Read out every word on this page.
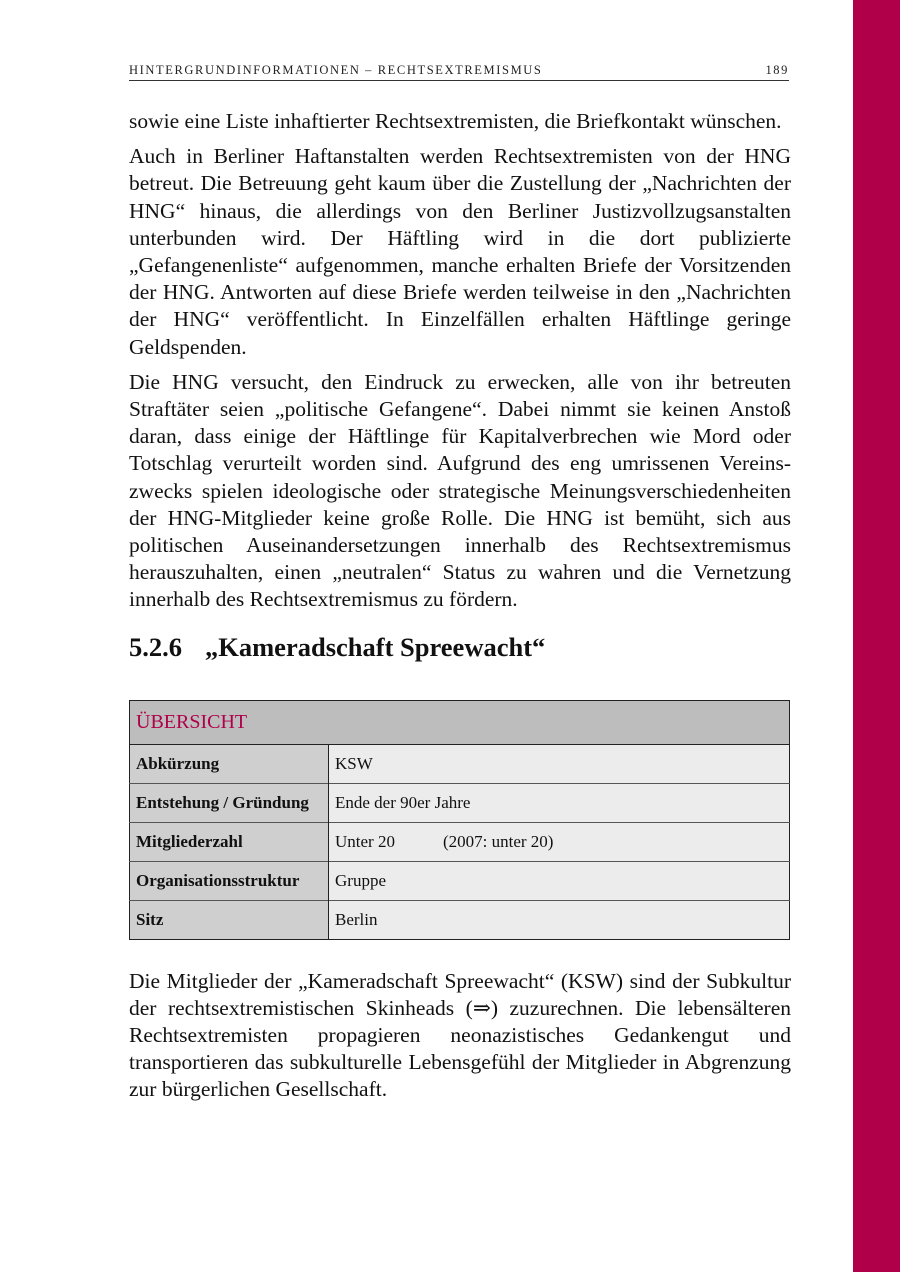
HINTERGRUNDINFORMATIONEN – RECHTSEXTREMISMUS	189

sowie eine Liste inhaftierter Rechtsextremisten, die Briefkontakt wünschen.

Auch in Berliner Haftanstalten werden Rechtsextremisten von der HNG betreut. Die Betreuung geht kaum über die Zustellung der „Nachrichten der HNG“ hinaus, die allerdings von den Berliner Justizvollzugsanstalten unterbunden wird. Der Häftling wird in die dort publizierte „Gefangenenliste“ aufgenommen, manche erhalten Briefe der Vorsitzenden der HNG. Antworten auf diese Briefe werden teilweise in den „Nachrichten der HNG“ veröffentlicht. In Einzelfällen erhalten Häftlinge geringe Geldspenden.

Die HNG versucht, den Eindruck zu erwecken, alle von ihr betreuten Straftäter seien „politische Gefangene“. Dabei nimmt sie keinen Anstoß daran, dass einige der Häftlinge für Kapitalverbrechen wie Mord oder Totschlag verurteilt worden sind. Aufgrund des eng umrissenen Vereinszwecks spielen ideologische oder strategische Meinungsverschiedenheiten der HNG-Mitglieder keine große Rolle. Die HNG ist bemüht, sich aus politischen Auseinandersetzungen innerhalb des Rechtsextremismus herauszuhalten, einen „neutralen“ Status zu wahren und die Vernetzung innerhalb des Rechtsextremismus zu fördern.

5.2.6 „Kameradschaft Spreewacht“
ÜBERSICHT	
Abkürzung	KSW
Entstehung / Gründung	Ende der 90er Jahre
Mitgliederzahl	Unter 20 (2007: unter 20)
Organisationsstruktur	Gruppe
Sitz	Berlin

Die Mitglieder der „Kameradschaft Spreewacht“ (KSW) sind der Subkultur der rechtsextremistischen Skinheads (⇒) zuzurechnen. Die lebensälteren Rechtsextremisten propagieren neonazistisches Gedankengut und transportieren das subkulturelle Lebensgefühl der Mitglieder in Abgrenzung zur bürgerlichen Gesellschaft.
